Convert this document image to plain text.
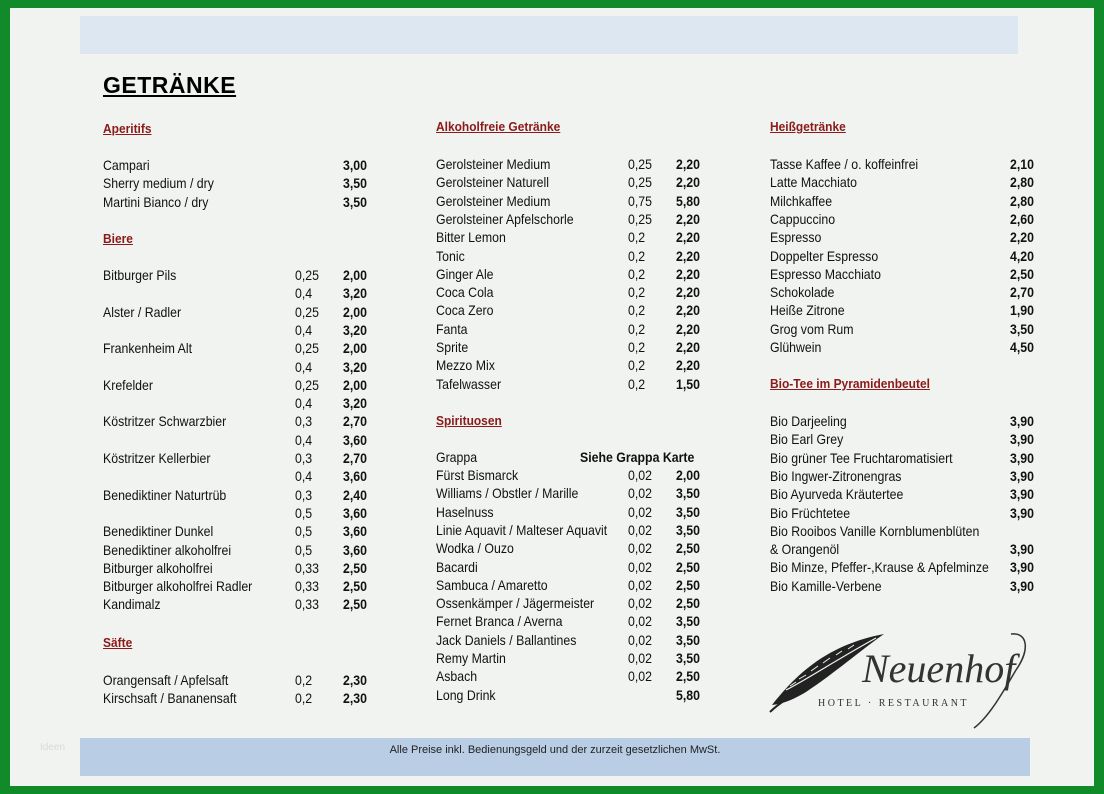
GETRÄNKE
Aperitifs
Campari	3,00
Sherry medium / dry	3,50
Martini Bianco / dry	3,50
Biere
Bitburger Pils	0,25 2,00
0,4 3,20
Alster / Radler	0,25 2,00
0,4 3,20
Frankenheim Alt	0,25 2,00
0,4 3,20
Krefelder	0,25 2,00
0,4 3,20
Köstritzer Schwarzbier	0,3 2,70
0,4 3,60
Köstritzer Kellerbier	0,3 2,70
0,4 3,60
Benediktiner Naturtrüb	0,3 2,40
0,5 3,60
Benediktiner Dunkel	0,5 3,60
Benediktiner alkoholfrei	0,5 3,60
Bitburger alkoholfrei	0,33 2,50
Bitburger alkoholfrei Radler	0,33 2,50
Kandimalz	0,33 2,50
Säfte
Orangensaft / Apfelsaft	0,2 2,30
Kirschsaft / Bananensaft	0,2 2,30
Alkoholfreie Getränke
Gerolsteiner Medium	0,25 2,20
Gerolsteiner Naturell	0,25 2,20
Gerolsteiner Medium	0,75 5,80
Gerolsteiner Apfelschorle	0,25 2,20
Bitter Lemon	0,2 2,20
Tonic	0,2 2,20
Ginger Ale	0,2 2,20
Coca Cola	0,2 2,20
Coca Zero	0,2 2,20
Fanta	0,2 2,20
Sprite	0,2 2,20
Mezzo Mix	0,2 2,20
Tafelwasser	0,2 1,50
Spirituosen
Grappa	Siehe Grappa Karte
Fürst Bismarck	0,02 2,00
Williams / Obstler / Marille	0,02 3,50
Haselnuss	0,02 3,50
Linie Aquavit / Malteser Aquavit 0,02 3,50
Wodka / Ouzo	0,02 2,50
Bacardi	0,02 2,50
Sambuca / Amaretto	0,02 2,50
Ossenkämper / Jägermeister 0,02 2,50
Fernet Branca / Averna	0,02 3,50
Jack Daniels / Ballantines	0,02 3,50
Remy Martin	0,02 3,50
Asbach	0,02 2,50
Long Drink	5,80
Heißgetränke
Tasse Kaffee / o. koffeinfrei	2,10
Latte Macchiato	2,80
Milchkaffee	2,80
Cappuccino	2,60
Espresso	2,20
Doppelter Espresso	4,20
Espresso Macchiato	2,50
Schokolade	2,70
Heiße Zitrone	1,90
Grog vom Rum	3,50
Glühwein	4,50
Bio-Tee im Pyramidenbeutel
Bio Darjeeling	3,90
Bio Earl Grey	3,90
Bio grüner Tee Fruchtaromatisiert	3,90
Bio Ingwer-Zitronengras	3,90
Bio Ayurveda Kräutertee	3,90
Bio Früchtetee	3,90
Bio Rooibos Vanille Kornblumenblüten
& Orangenöl	3,90
Bio Minze, Pfeffer-,Krause & Apfelminze 3,90
Bio Kamille-Verbene	3,90
Neuenhof
HOTEL · RESTAURANT
Ideen	Alle Preise inkl. Bedienungsgeld und der zurzeit gesetzlichen MwSt.
